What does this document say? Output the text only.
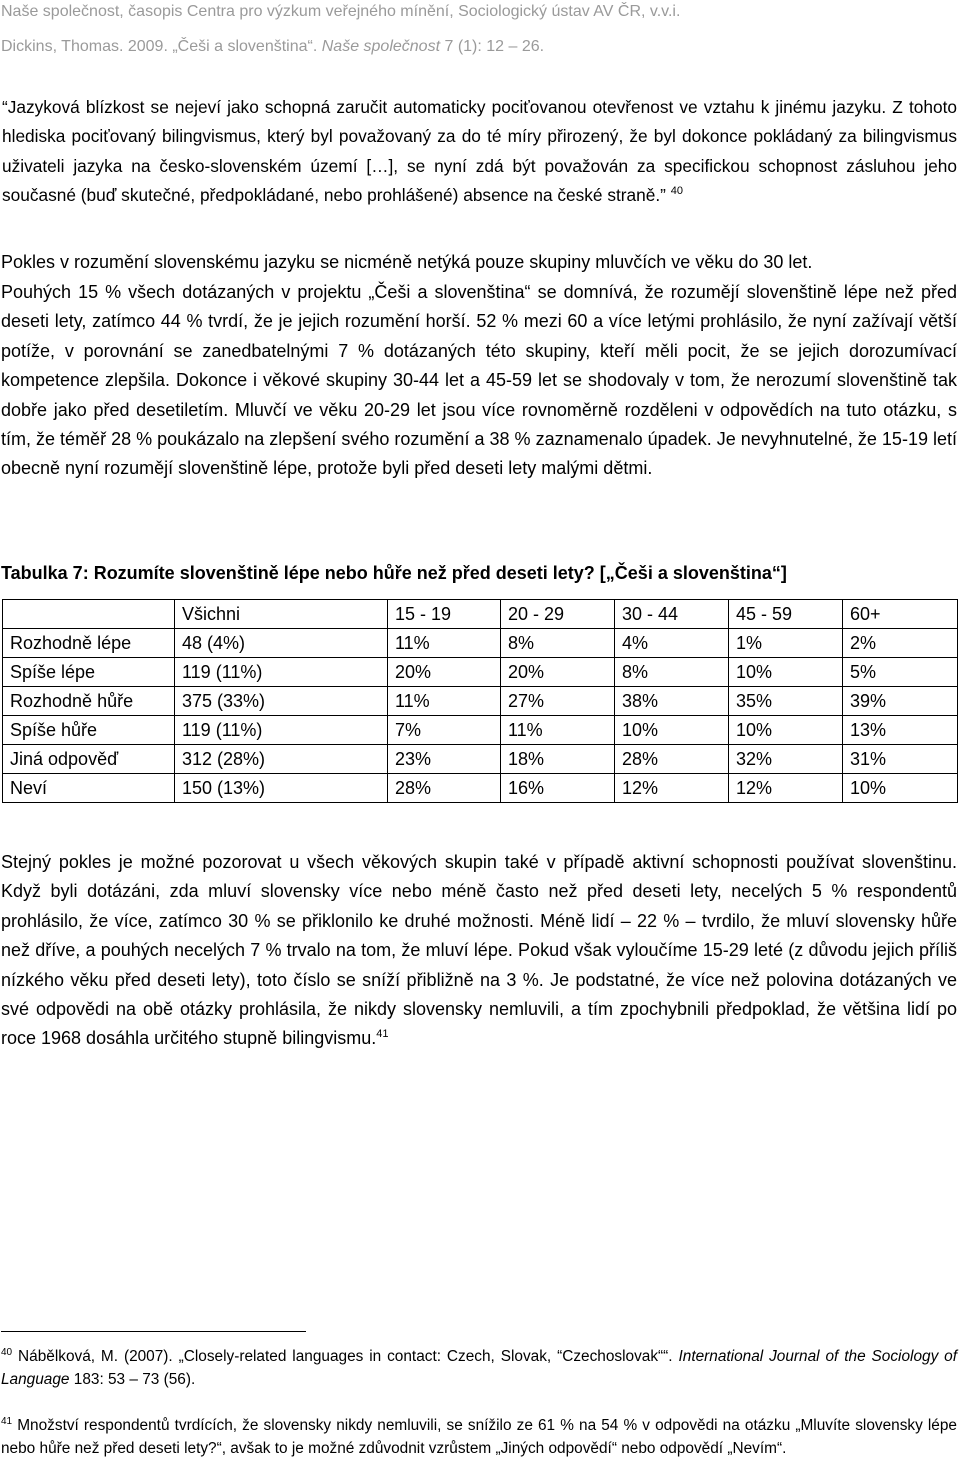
Naše společnost, časopis Centra pro výzkum veřejného mínění, Sociologický ústav AV ČR, v.v.i.
Dickins, Thomas. 2009. „Češi a slovenština“. Naše společnost 7 (1): 12 – 26.
“Jazyková blízkost se nejeví jako schopná zaručit automaticky pociťovanou otevřenost ve vztahu k jinému jazyku. Z tohoto hlediska pociťovaný bilingvismus, který byl považovaný za do té míry přirozený, že byl dokonce pokládaný za bilingvismus uživateli jazyka na česko-slovenském území […], se nyní zdá být považován za specifickou schopnost zásluhou jeho současné (buď skutečné, předpokládané, nebo prohlášené) absence na české straně.” $^{40}$
Pokles v rozumění slovenskému jazyku se nicméně netýká pouze skupiny mluvčích ve věku do 30 let.
Pouhých 15 % všech dotázaných v projektu „Češi a slovenština“ se domnívá, že rozumějí slovenštině lépe než před deseti lety, zatímco 44 % tvrdí, že je jejich rozumění horší. 52 % mezi 60 a více letými prohlásilo, že nyní zažívají větší potíže, v porovnání se zanedbatelnými 7 % dotázaných této skupiny, kteří měli pocit, že se jejich dorozumívací kompetence zlepšila. Dokonce i věkové skupiny 30-44 let a 45-59 let se shodovaly v tom, že nerozumí slovenštině tak dobře jako před desetiletím. Mluvčí ve věku 20-29 let jsou více rovnoměrně rozděleni v odpovědích na tuto otázku, s tím, že téměř 28 % poukázalo na zlepšení svého rozumění a 38 % zaznamenalo úpadek. Je nevyhnutelné, že 15-19 letí obecně nyní rozumějí slovenštině lépe, protože byli před deseti lety malými dětmi.
Tabulka 7: Rozumíte slovenštině lépe nebo hůře než před deseti lety? [„Češi a slovenština“]
	Všichni	15 - 19	20 - 29	30 - 44	45 - 59	60+
Rozhodně lépe	48 (4%)	11%	8%	4%	1%	2%
Spíše lépe	119 (11%)	20%	20%	8%	10%	5%
Rozhodně hůře	375 (33%)	11%	27%	38%	35%	39%
Spíše hůře	119 (11%)	7%	11%	10%	10%	13%
Jiná odpověď	312 (28%)	23%	18%	28%	32%	31%
Neví	150 (13%)	28%	16%	12%	12%	10%
Stejný pokles je možné pozorovat u všech věkových skupin také v případě aktivní schopnosti používat slovenštinu. Když byli dotázáni, zda mluví slovensky více nebo méně často než před deseti lety, necelých 5 % respondentů prohlásilo, že více, zatímco 30 % se přiklonilo ke druhé možnosti. Méně lidí – 22 % – tvrdilo, že mluví slovensky hůře než dříve, a pouhých necelých 7 % trvalo na tom, že mluví lépe. Pokud však vyloučíme 15-29 leté (z důvodu jejich příliš nízkého věku před deseti lety), toto číslo se sníží přibližně na 3 %. Je podstatné, že více než polovina dotázaných ve své odpovědi na obě otázky prohlásila, že nikdy slovensky nemluvili, a tím zpochybnili předpoklad, že většina lidí po roce 1968 dosáhla určitého stupně bilingvismu.$^{41}$
$^{40}$ Nábělková, M. (2007). „Closely-related languages in contact: Czech, Slovak, “Czechoslovak““. International Journal of the Sociology of Language 183: 53 – 73 (56).
$^{41}$ Množství respondentů tvrdících, že slovensky nikdy nemluvili, se snížilo ze 61 % na 54 % v odpovědi na otázku „Mluvíte slovensky lépe nebo hůře než před deseti lety?“, avšak to je možné zdůvodnit vzrůstem „Jiných odpovědí“ nebo odpovědí „Nevím“.
